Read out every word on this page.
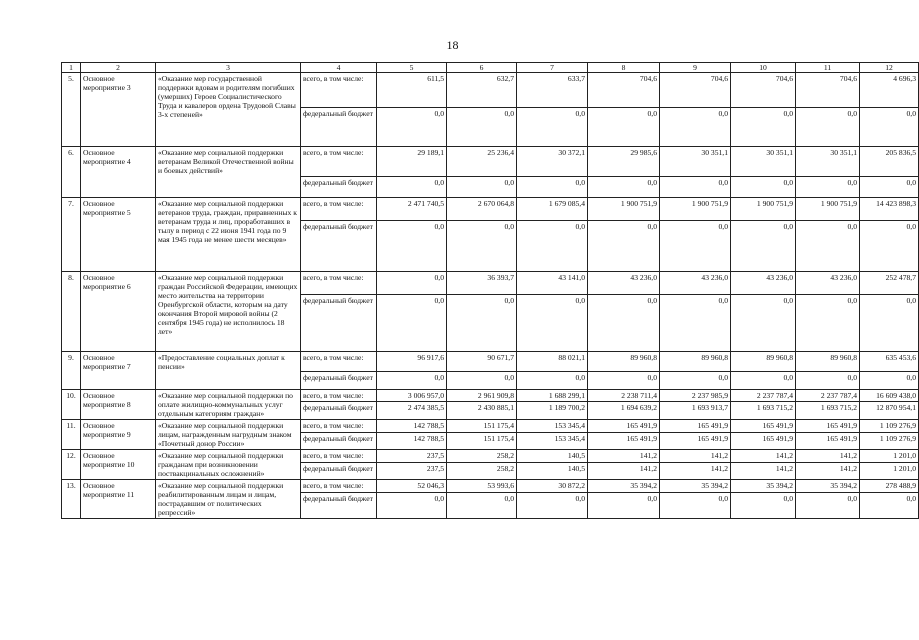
18
1	2	3	4	5	6	7	8	9	10	11	12
5.	Основное мероприятие 3	«Оказание мер государственной поддержки вдовам и родителям погибших (умерших) Героев Социалистического Труда и кавалеров ордена Трудовой Славы 3-х степеней»	всего, в том числе:	611,5	632,7	633,7	704,6	704,6	704,6	704,6	4 696,3
			федеральный бюджет	0,0	0,0	0,0	0,0	0,0	0,0	0,0	0,0
6.	Основное мероприятие 4	«Оказание мер социальной поддержки ветеранам Великой Отечественной войны и боевых действий»	всего, в том числе:	29 189,1	25 236,4	30 372,1	29 985,6	30 351,1	30 351,1	30 351,1	205 836,5
			федеральный бюджет	0,0	0,0	0,0	0,0	0,0	0,0	0,0	0,0
7.	Основное мероприятие 5	«Оказание мер социальной поддержки ветеранов труда, граждан, приравненных к ветеранам труда и лиц, проработавших в тылу в период с 22 июня 1941 года по 9 мая 1945 года не менее шести месяцев»	всего, в том числе:	2 471 740,5	2 670 064,8	1 679 085,4	1 900 751,9	1 900 751,9	1 900 751,9	1 900 751,9	14 423 898,3
			федеральный бюджет	0,0	0,0	0,0	0,0	0,0	0,0	0,0	0,0
8.	Основное мероприятие 6	«Оказание мер социальной поддержки граждан Российской Федерации, имеющих место жительства на территории Оренбургской области, которым на дату окончания Второй мировой войны (2 сентября 1945 года) не исполнилось 18 лет»	всего, в том числе:	0,0	36 393,7	43 141,0	43 236,0	43 236,0	43 236,0	43 236,0	252 478,7
			федеральный бюджет	0,0	0,0	0,0	0,0	0,0	0,0	0,0	0,0
9.	Основное мероприятие 7	«Предоставление социальных доплат к пенсии»	всего, в том числе:	96 917,6	90 671,7	88 021,1	89 960,8	89 960,8	89 960,8	89 960,8	635 453,6
			федеральный бюджет	0,0	0,0	0,0	0,0	0,0	0,0	0,0	0,0
10.	Основное мероприятие 8	«Оказание мер социальной поддержки по оплате жилищно-коммунальных услуг отдельным категориям граждан»	всего, в том числе:	3 006 957,0	2 961 909,8	1 688 299,1	2 238 711,4	2 237 985,9	2 237 787,4	2 237 787,4	16 609 438,0
			федеральный бюджет	2 474 385,5	2 430 885,1	1 189 700,2	1 694 639,2	1 693 913,7	1 693 715,2	1 693 715,2	12 870 954,1
11.	Основное мероприятие 9	«Оказание мер социальной поддержки лицам, награжденным нагрудным знаком «Почетный донор России»	всего, в том числе:	142 788,5	151 175,4	153 345,4	165 491,9	165 491,9	165 491,9	165 491,9	1 109 276,9
			федеральный бюджет	142 788,5	151 175,4	153 345,4	165 491,9	165 491,9	165 491,9	165 491,9	1 109 276,9
12.	Основное мероприятие 10	«Оказание мер социальной поддержки гражданам при возникновении поствакцинальных осложнений»	всего, в том числе:	237,5	258,2	140,5	141,2	141,2	141,2	141,2	1 201,0
			федеральный бюджет	237,5	258,2	140,5	141,2	141,2	141,2	141,2	1 201,0
13.	Основное мероприятие 11	«Оказание мер социальной поддержки реабилитированным лицам и лицам, пострадавшим от политических репрессий»	всего, в том числе:	52 046,3	53 993,6	30 872,2	35 394,2	35 394,2	35 394,2	35 394,2	278 488,9
			федеральный бюджет	0,0	0,0	0,0	0,0	0,0	0,0	0,0	0,0
